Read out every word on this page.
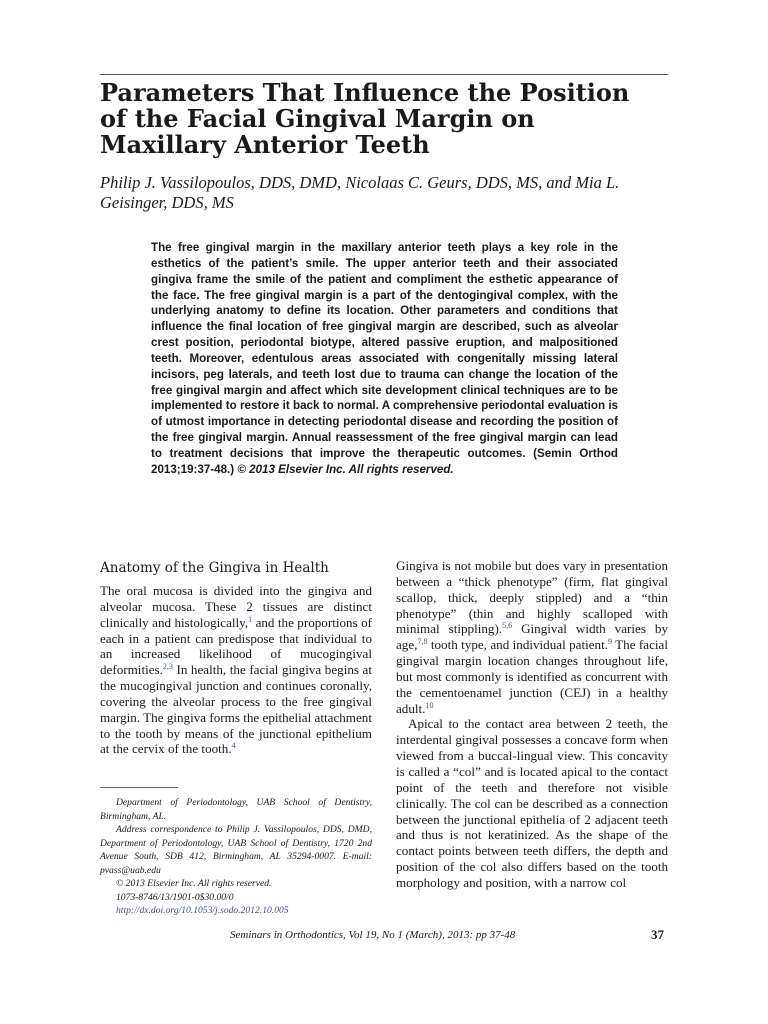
Parameters That Influence the Position of the Facial Gingival Margin on Maxillary Anterior Teeth

Philip J. Vassilopoulos, DDS, DMD, Nicolaas C. Geurs, DDS, MS, and Mia L. Geisinger, DDS, MS

The free gingival margin in the maxillary anterior teeth plays a key role in the esthetics of the patient’s smile. The upper anterior teeth and their associated gingiva frame the smile of the patient and compliment the esthetic appearance of the face. The free gingival margin is a part of the dentogingival complex, with the underlying anatomy to define its location. Other parameters and conditions that influence the final location of free gingival margin are described, such as alveolar crest position, periodontal biotype, altered passive eruption, and malpositioned teeth. Moreover, edentulous areas associated with congenitally missing lateral incisors, peg laterals, and teeth lost due to trauma can change the location of the free gingival margin and affect which site development clinical techniques are to be implemented to restore it back to normal. A comprehensive periodontal evaluation is of utmost importance in detecting periodontal disease and recording the position of the free gingival margin. Annual reassessment of the free gingival margin can lead to treatment decisions that improve the therapeutic outcomes. (Semin Orthod 2013;19:37-48.) © 2013 Elsevier Inc. All rights reserved.

Anatomy of the Gingiva in Health

The oral mucosa is divided into the gingiva and alveolar mucosa. These 2 tissues are distinct clinically and histologically,$^1$ and the proportions of each in a patient can predispose that individual to an increased likelihood of mucogingival deformities.$^{2,3}$ In health, the facial gingiva begins at the mucogingival junction and continues coronally, covering the alveolar process to the free gingival margin. The gingiva forms the epithelial attachment to the tooth by means of the junctional epithelium at the cervix of the tooth.$^4$

Gingiva is not mobile but does vary in presentation between a “thick phenotype” (firm, flat gingival scallop, thick, deeply stippled) and a “thin phenotype” (thin and highly scalloped with minimal stippling).$^{5,6}$ Gingival width varies by age,$^{7,8}$ tooth type, and individual patient.$^9$ The facial gingival margin location changes throughout life, but most commonly is identified as concurrent with the cementoenamel junction (CEJ) in a healthy adult.$^{10}$

Apical to the contact area between 2 teeth, the interdental gingival possesses a concave form when viewed from a buccal-lingual view. This concavity is called a “col” and is located apical to the contact point of the teeth and therefore not visible clinically. The col can be described as a connection between the junctional epithelia of 2 adjacent teeth and thus is not keratinized. As the shape of the contact points between teeth differs, the depth and position of the col also differs based on the tooth morphology and position, with a narrow col

Department of Periodontology, UAB School of Dentistry, Birmingham, AL.

Address correspondence to Philip J. Vassilopoulos, DDS, DMD, Department of Periodontology, UAB School of Dentistry, 1720 2nd Avenue South, SDB 412, Birmingham, AL 35294-0007. E-mail: pvass@uab.edu

© 2013 Elsevier Inc. All rights reserved.

1073-8746/13/1901-0$30.00/0

http://dx.doi.org/10.1053/j.sodo.2012.10.005

Seminars in Orthodontics, Vol 19, No 1 (March), 2013: pp 37-48	37
